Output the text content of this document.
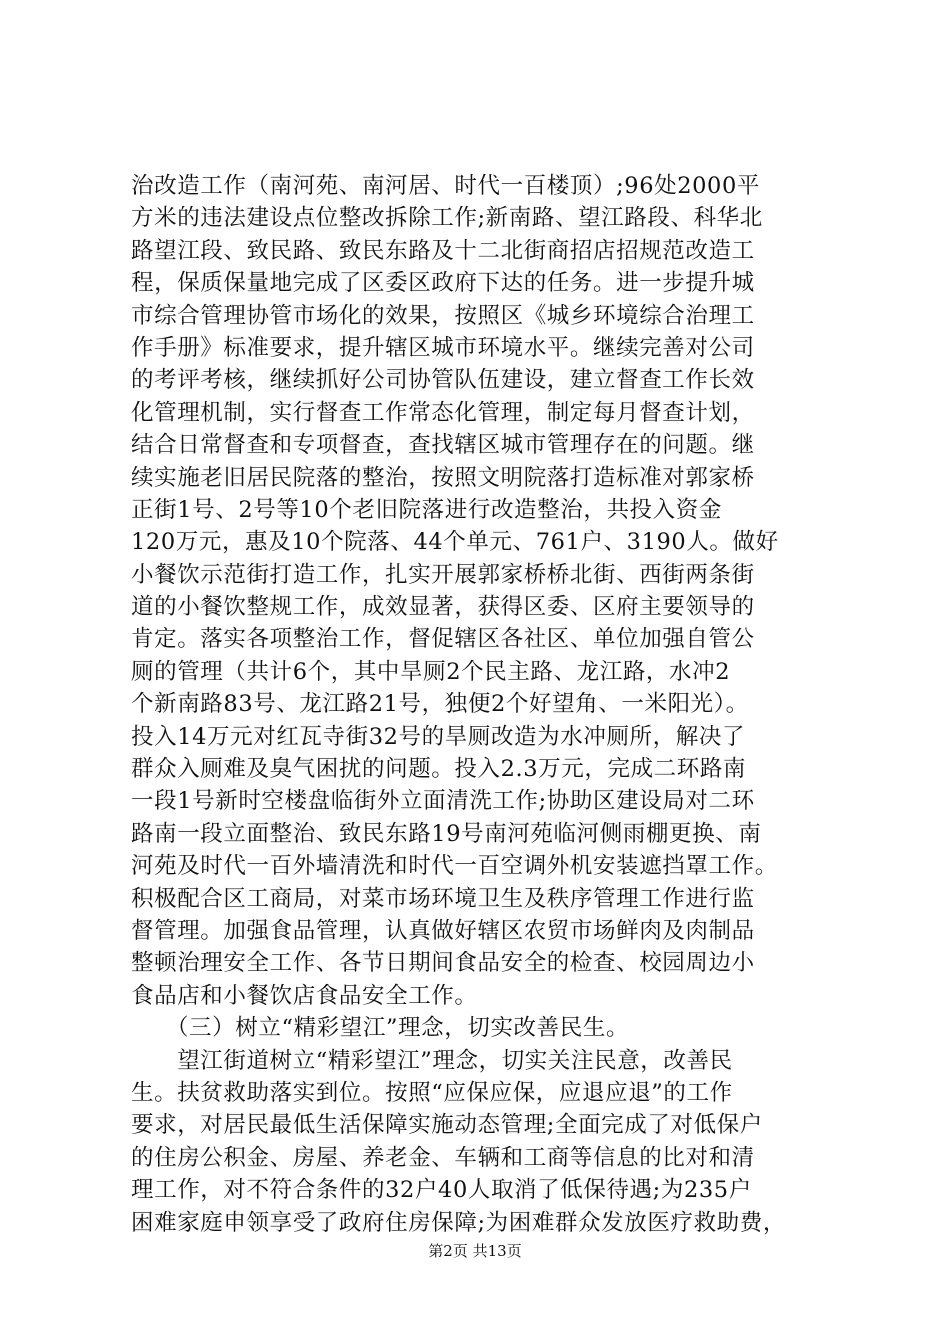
治改造工作（南河苑、南河居、时代一百楼顶）;96处2000平
方米的违法建设点位整改拆除工作;新南路、望江路段、科华北
路望江段、致民路、致民东路及十二北街商招店招规范改造工
程，保质保量地完成了区委区政府下达的任务。进一步提升城
市综合管理协管市场化的效果，按照区《城乡环境综合治理工
作手册》标准要求，提升辖区城市环境水平。继续完善对公司
的考评考核，继续抓好公司协管队伍建设，建立督查工作长效
化管理机制，实行督查工作常态化管理，制定每月督查计划，
结合日常督查和专项督查，查找辖区城市管理存在的问题。继
续实施老旧居民院落的整治，按照文明院落打造标准对郭家桥
正街1号、2号等10个老旧院落进行改造整治，共投入资金
120万元，惠及10个院落、44个单元、761户、3190人。做好
小餐饮示范街打造工作，扎实开展郭家桥桥北街、西街两条街
道的小餐饮整规工作，成效显著，获得区委、区府主要领导的
肯定。落实各项整治工作，督促辖区各社区、单位加强自管公
厕的管理（共计6个，其中旱厕2个民主路、龙江路，水冲2
个新南路83号、龙江路21号，独便2个好望角、一米阳光）。
投入14万元对红瓦寺街32号的旱厕改造为水冲厕所，解决了
群众入厕难及臭气困扰的问题。投入2.3万元，完成二环路南
一段1号新时空楼盘临街外立面清洗工作;协助区建设局对二环
路南一段立面整治、致民东路19号南河苑临河侧雨棚更换、南
河苑及时代一百外墙清洗和时代一百空调外机安装遮挡罩工作。
积极配合区工商局，对菜市场环境卫生及秩序管理工作进行监
督管理。加强食品管理，认真做好辖区农贸市场鲜肉及肉制品
整顿治理安全工作、各节日期间食品安全的检查、校园周边小
食品店和小餐饮店食品安全工作。
　　（三）树立“精彩望江”理念，切实改善民生。
　　望江街道树立“精彩望江”理念，切实关注民意，改善民
生。扶贫救助落实到位。按照“应保应保，应退应退”的工作
要求，对居民最低生活保障实施动态管理;全面完成了对低保户
的住房公积金、房屋、养老金、车辆和工商等信息的比对和清
理工作，对不符合条件的32户40人取消了低保待遇;为235户
困难家庭申领享受了政府住房保障;为困难群众发放医疗救助费，
第2页 共13页
